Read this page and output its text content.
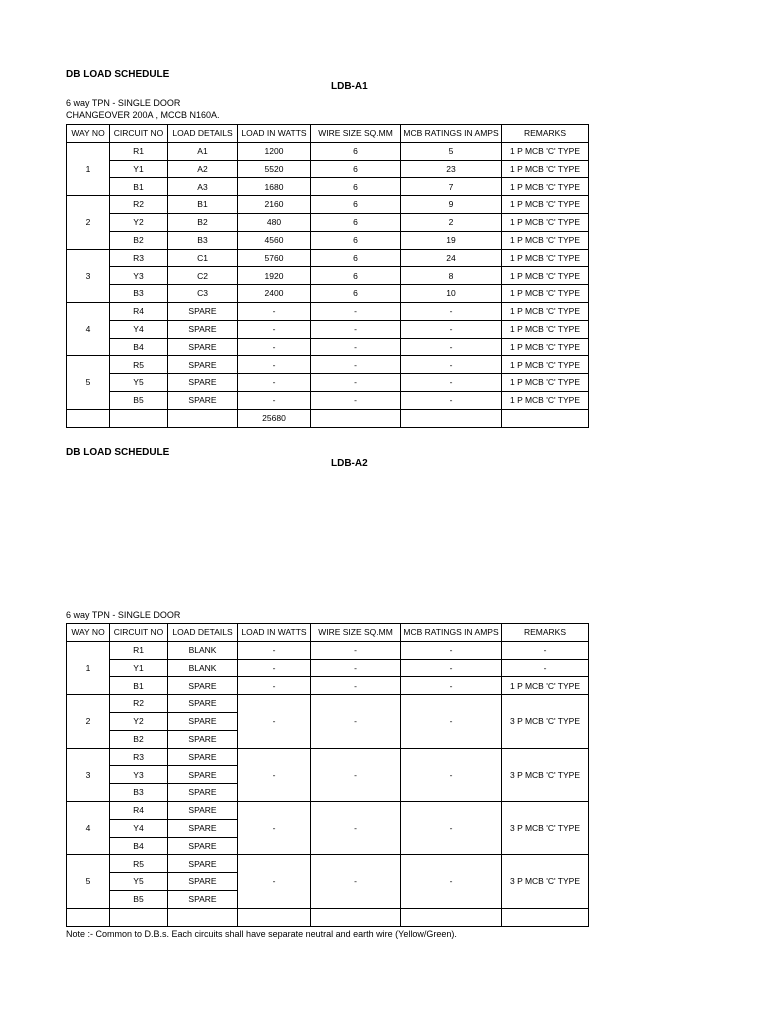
DB LOAD SCHEDULE
LDB-A1
6 way TPN - SINGLE DOOR
CHANGEOVER 200A , MCCB N160A.
WAY NO	CIRCUIT NO	LOAD DETAILS	LOAD IN WATTS	WIRE SIZE SQ.MM	MCB RATINGS IN AMPS	REMARKS
1	R1	A1	1200	6	5	1 P MCB 'C' TYPE
	Y1	A2	5520	6	23	1 P MCB 'C' TYPE
	B1	A3	1680	6	7	1 P MCB 'C' TYPE
2	R2	B1	2160	6	9	1 P MCB 'C' TYPE
	Y2	B2	480	6	2	1 P MCB 'C' TYPE
	B2	B3	4560	6	19	1 P MCB 'C' TYPE
3	R3	C1	5760	6	24	1 P MCB 'C' TYPE
	Y3	C2	1920	6	8	1 P MCB 'C' TYPE
	B3	C3	2400	6	10	1 P MCB 'C' TYPE
4	R4	SPARE	-	-	-	1 P MCB 'C' TYPE
	Y4	SPARE	-	-	-	1 P MCB 'C' TYPE
	B4	SPARE	-	-	-	1 P MCB 'C' TYPE
5	R5	SPARE	-	-	-	1 P MCB 'C' TYPE
	Y5	SPARE	-	-	-	1 P MCB 'C' TYPE
	B5	SPARE	-	-	-	1 P MCB 'C' TYPE
			25680			
DB LOAD SCHEDULE
LDB-A2
6 way TPN - SINGLE DOOR
WAY NO	CIRCUIT NO	LOAD DETAILS	LOAD IN WATTS	WIRE SIZE SQ.MM	MCB RATINGS IN AMPS	REMARKS
1	R1	BLANK	-	-	-	-
	Y1	BLANK	-	-	-	-
	B1	SPARE	-	-	-	1 P MCB 'C' TYPE
2	R2	SPARE	-	-	-	3 P MCB 'C' TYPE
	Y2	SPARE				
	B2	SPARE				
3	R3	SPARE	-	-	-	3 P MCB 'C' TYPE
	Y3	SPARE				
	B3	SPARE				
4	R4	SPARE	-	-	-	3 P MCB 'C' TYPE
	Y4	SPARE				
	B4	SPARE				
5	R5	SPARE	-	-	-	3 P MCB 'C' TYPE
	Y5	SPARE				
	B5	SPARE				

Note :- Common to D.B.s. Each circuits shall have separate neutral and earth wire (Yellow/Green).
